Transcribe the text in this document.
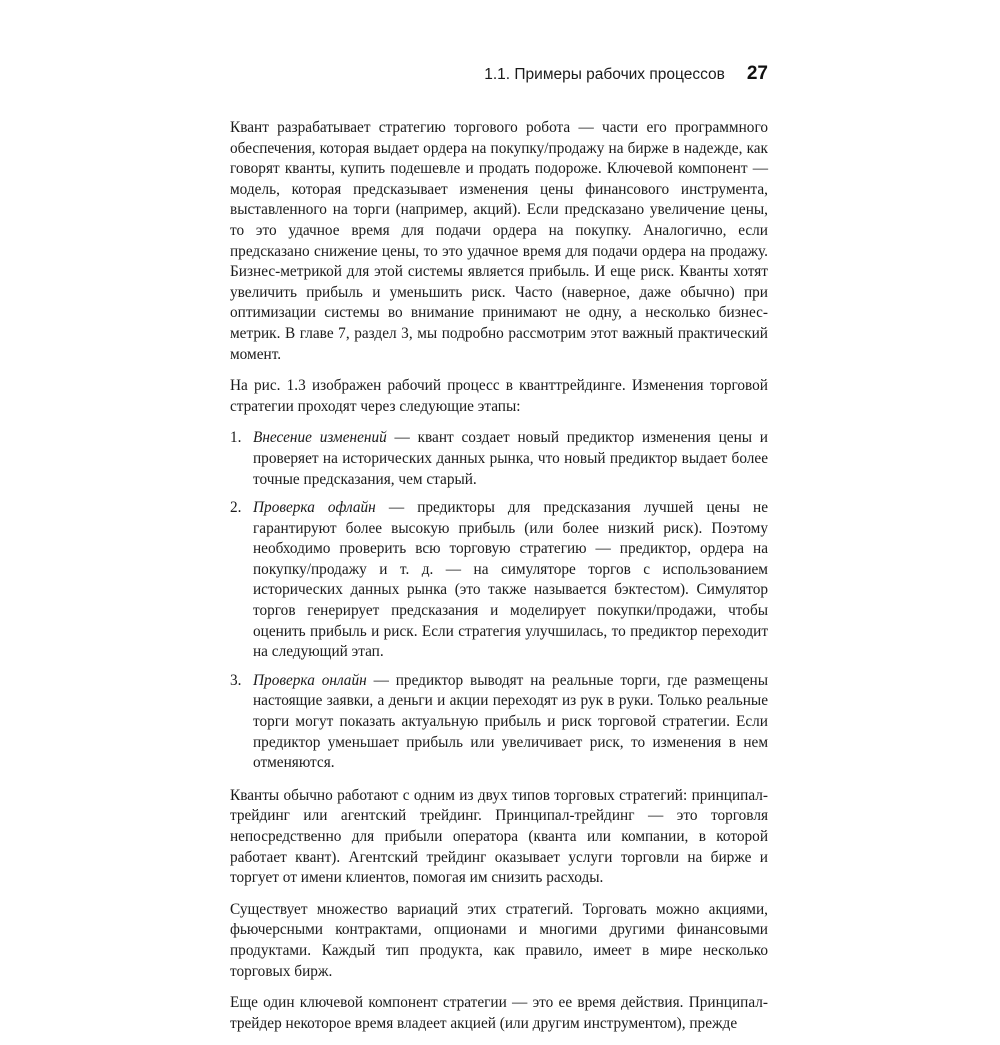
1.1. Примеры рабочих процессов 27

Квант разрабатывает стратегию торгового робота — части его программного обеспечения, которая выдает ордера на покупку/продажу на бирже в надежде, как говорят кванты, купить подешевле и продать подороже. Ключевой компонент — модель, которая предсказывает изменения цены финансового инструмента, выставленного на торги (например, акций). Если предсказано увеличение цены, то это удачное время для подачи ордера на покупку. Аналогично, если предсказано снижение цены, то это удачное время для подачи ордера на продажу. Бизнес-метрикой для этой системы является прибыль. И еще риск. Кванты хотят увеличить прибыль и уменьшить риск. Часто (наверное, даже обычно) при оптимизации системы во внимание принимают не одну, а несколько бизнес-метрик. В главе 7, раздел 3, мы подробно рассмотрим этот важный практический момент.

На рис. 1.3 изображен рабочий процесс в кванттрейдинге. Изменения торговой стратегии проходят через следующие этапы:

1. Внесение изменений — квант создает новый предиктор изменения цены и проверяет на исторических данных рынка, что новый предиктор выдает более точные предсказания, чем старый.
2. Проверка офлайн — предикторы для предсказания лучшей цены не гарантируют более высокую прибыль (или более низкий риск). Поэтому необходимо проверить всю торговую стратегию — предиктор, ордера на покупку/продажу и т. д. — на симуляторе торгов с использованием исторических данных рынка (это также называется бэктестом). Симулятор торгов генерирует предсказания и моделирует покупки/продажи, чтобы оценить прибыль и риск. Если стратегия улучшилась, то предиктор переходит на следующий этап.
3. Проверка онлайн — предиктор выводят на реальные торги, где размещены настоящие заявки, а деньги и акции переходят из рук в руки. Только реальные торги могут показать актуальную прибыль и риск торговой стратегии. Если предиктор уменьшает прибыль или увеличивает риск, то изменения в нем отменяются.

Кванты обычно работают с одним из двух типов торговых стратегий: принципал-трейдинг или агентский трейдинг. Принципал-трейдинг — это торговля непосредственно для прибыли оператора (кванта или компании, в которой работает квант). Агентский трейдинг оказывает услуги торговли на бирже и торгует от имени клиентов, помогая им снизить расходы.

Существует множество вариаций этих стратегий. Торговать можно акциями, фьючерсными контрактами, опционами и многими другими финансовыми продуктами. Каждый тип продукта, как правило, имеет в мире несколько торговых бирж.

Еще один ключевой компонент стратегии — это ее время действия. Принципал-трейдер некоторое время владеет акцией (или другим инструментом), прежде
